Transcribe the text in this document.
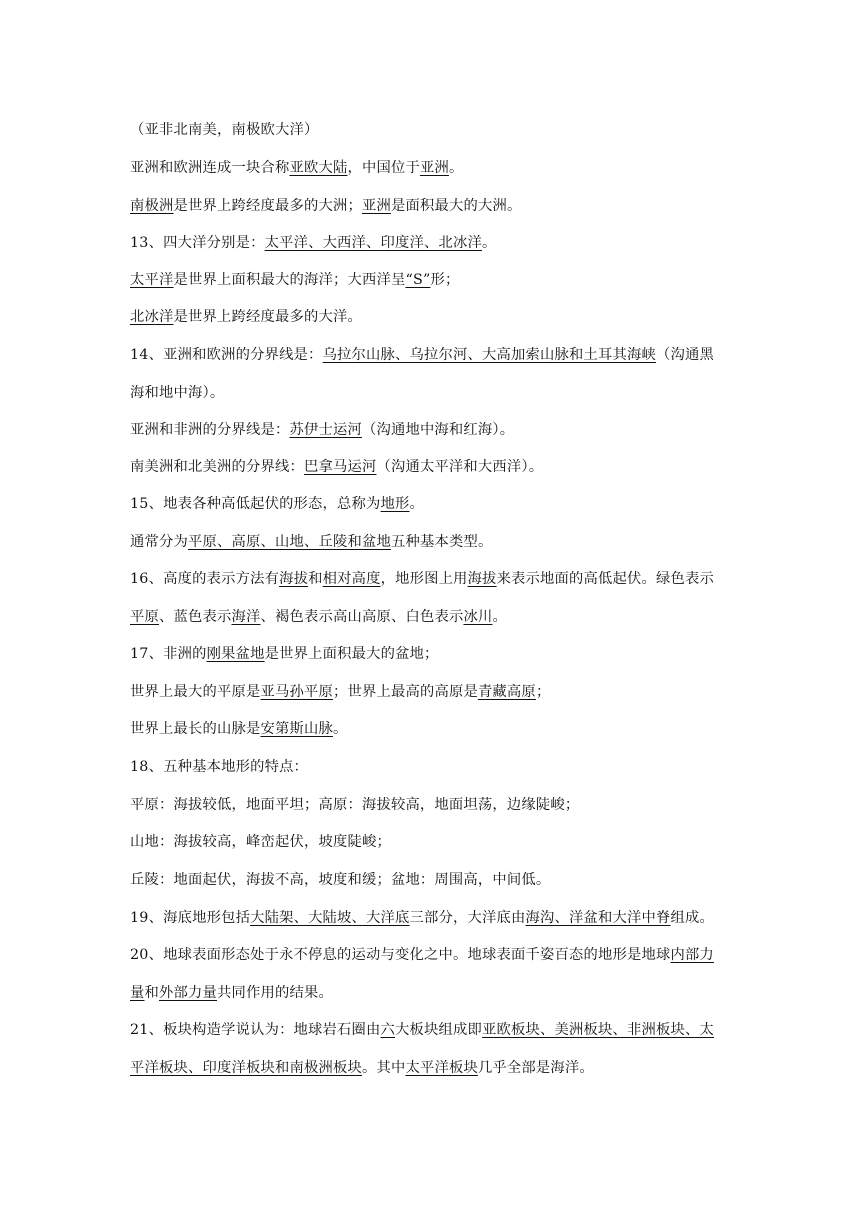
（亚非北南美，南极欧大洋）
亚洲和欧洲连成一块合称亚欧大陆，中国位于亚洲。
南极洲是世界上跨经度最多的大洲；亚洲是面积最大的大洲。
13、四大洋分别是：太平洋、大西洋、印度洋、北冰洋。
太平洋是世界上面积最大的海洋；大西洋呈“S”形；
北冰洋是世界上跨经度最多的大洋。
14、亚洲和欧洲的分界线是：乌拉尔山脉、乌拉尔河、大高加索山脉和土耳其海峡（沟通黑
海和地中海）。
亚洲和非洲的分界线是：苏伊士运河（沟通地中海和红海）。
南美洲和北美洲的分界线：巴拿马运河（沟通太平洋和大西洋）。
15、地表各种高低起伏的形态，总称为地形。
通常分为平原、高原、山地、丘陵和盆地五种基本类型。
16、高度的表示方法有海拔和相对高度，地形图上用海拔来表示地面的高低起伏。绿色表示
平原、蓝色表示海洋、褐色表示高山高原、白色表示冰川。
17、非洲的刚果盆地是世界上面积最大的盆地；
世界上最大的平原是亚马孙平原；世界上最高的高原是青藏高原；
世界上最长的山脉是安第斯山脉。
18、五种基本地形的特点：
平原：海拔较低，地面平坦；高原：海拔较高，地面坦荡，边缘陡峻；
山地：海拔较高，峰峦起伏，坡度陡峻；
丘陵：地面起伏，海拔不高，坡度和缓；盆地：周围高，中间低。
19、海底地形包括大陆架、大陆坡、大洋底三部分，大洋底由海沟、洋盆和大洋中脊组成。
20、地球表面形态处于永不停息的运动与变化之中。地球表面千姿百态的地形是地球内部力
量和外部力量共同作用的结果。
21、板块构造学说认为：地球岩石圈由六大板块组成即亚欧板块、美洲板块、非洲板块、太
平洋板块、印度洋板块和南极洲板块。其中太平洋板块几乎全部是海洋。
